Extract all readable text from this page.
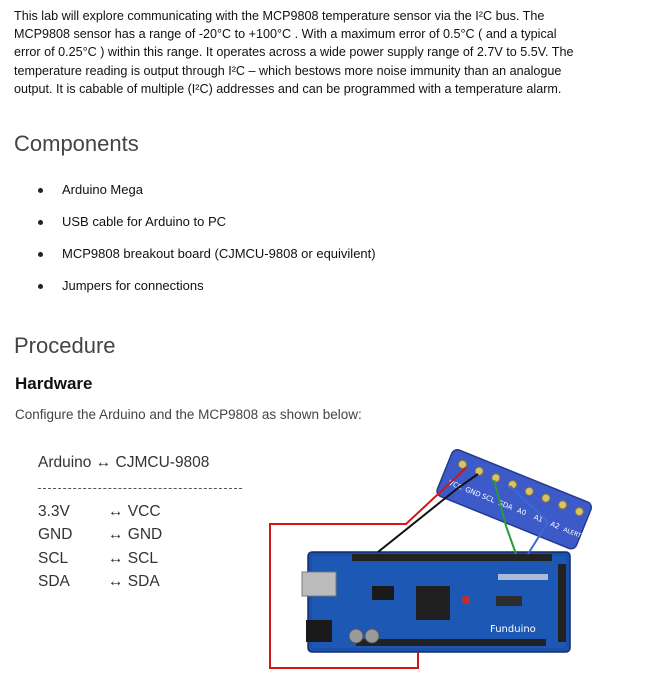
This lab will explore communicating with the MCP9808 temperature sensor via the I²C bus. The
MCP9808 sensor has a range of -20°C to +100°C . With a maximum error of 0.5°C ( and a typical
error of 0.25°C ) within this range. It operates across a wide power supply range of 2.7V to 5.5V. The
temperature reading is output through I²C – which bestows more noise immunity than an analogue
output. It is cabable of multiple (I²C) addresses and can be programmed with a temperature alarm.
Components
Arduino Mega
USB cable for Arduino to PC
MCP9808 breakout board (CJMCU-9808 or equivilent)
Jumpers for connections
Procedure
Hardware
Configure the Arduino and the MCP9808 as shown below:
Arduino ↔ CJMCU-9808
3.3V ↔ VCC
GND ↔ GND
SCL	↔ SCL
SDA ↔ SDA
Funduino
VCC
GND
SCL
SDA
A0
A1
A2
ALERT
